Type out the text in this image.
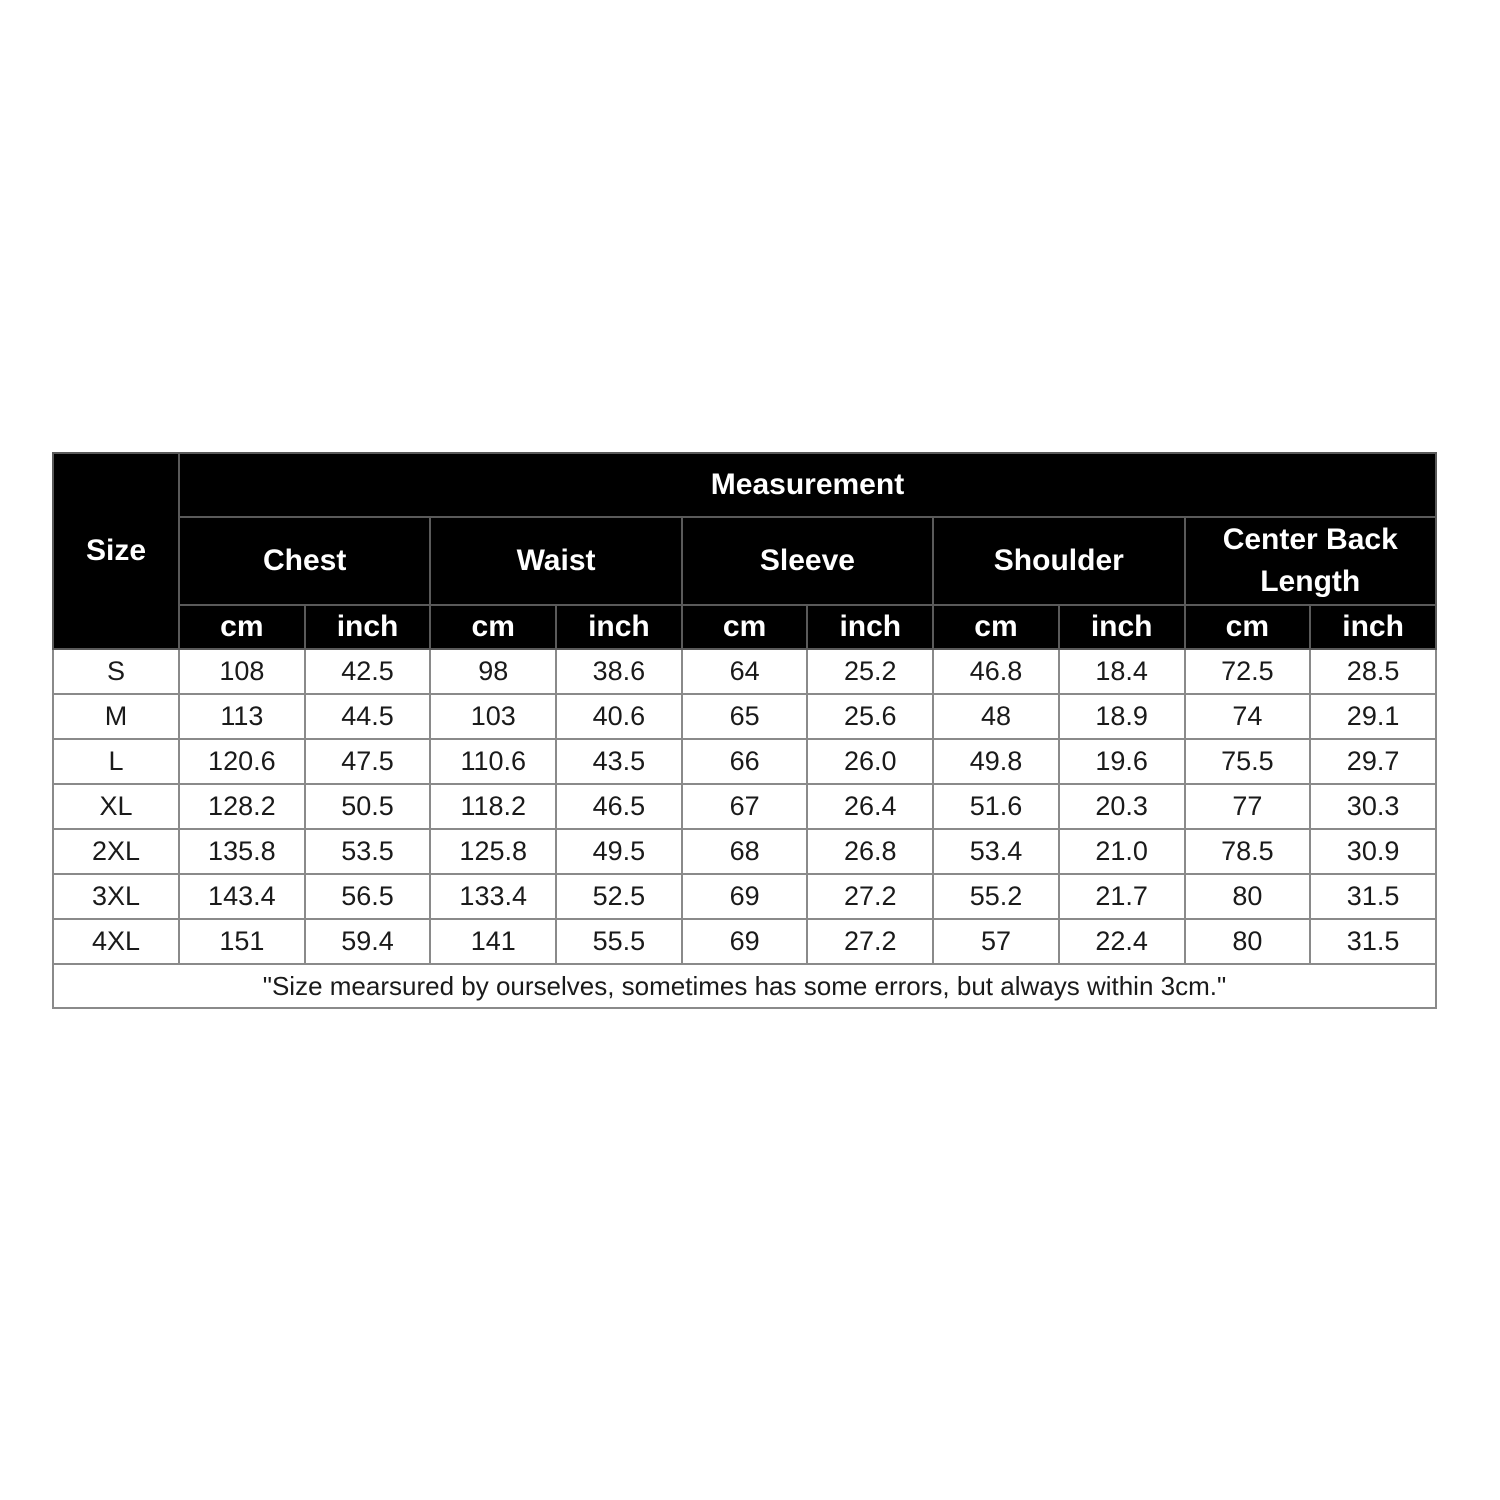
Size	Measurement									

	Chest		Waist		Sleeve		Shoulder		Center Back
Length	

	cm	inch	cm	inch	cm	inch	cm	inch	cm	inch
S	108	42.5	98	38.6	64	25.2	46.8	18.4	72.5	28.5
M	113	44.5	103	40.6	65	25.6	48	18.9	74	29.1
L	120.6	47.5	110.6	43.5	66	26.0	49.8	19.6	75.5	29.7
XL	128.2	50.5	118.2	46.5	67	26.4	51.6	20.3	77	30.3
2XL	135.8	53.5	125.8	49.5	68	26.8	53.4	21.0	78.5	30.9
3XL	143.4	56.5	133.4	52.5	69	27.2	55.2	21.7	80	31.5
4XL	151	59.4	141	55.5	69	27.2	57	22.4	80	31.5
"Size mearsured by ourselves, sometimes has some errors, but always within 3cm."										
